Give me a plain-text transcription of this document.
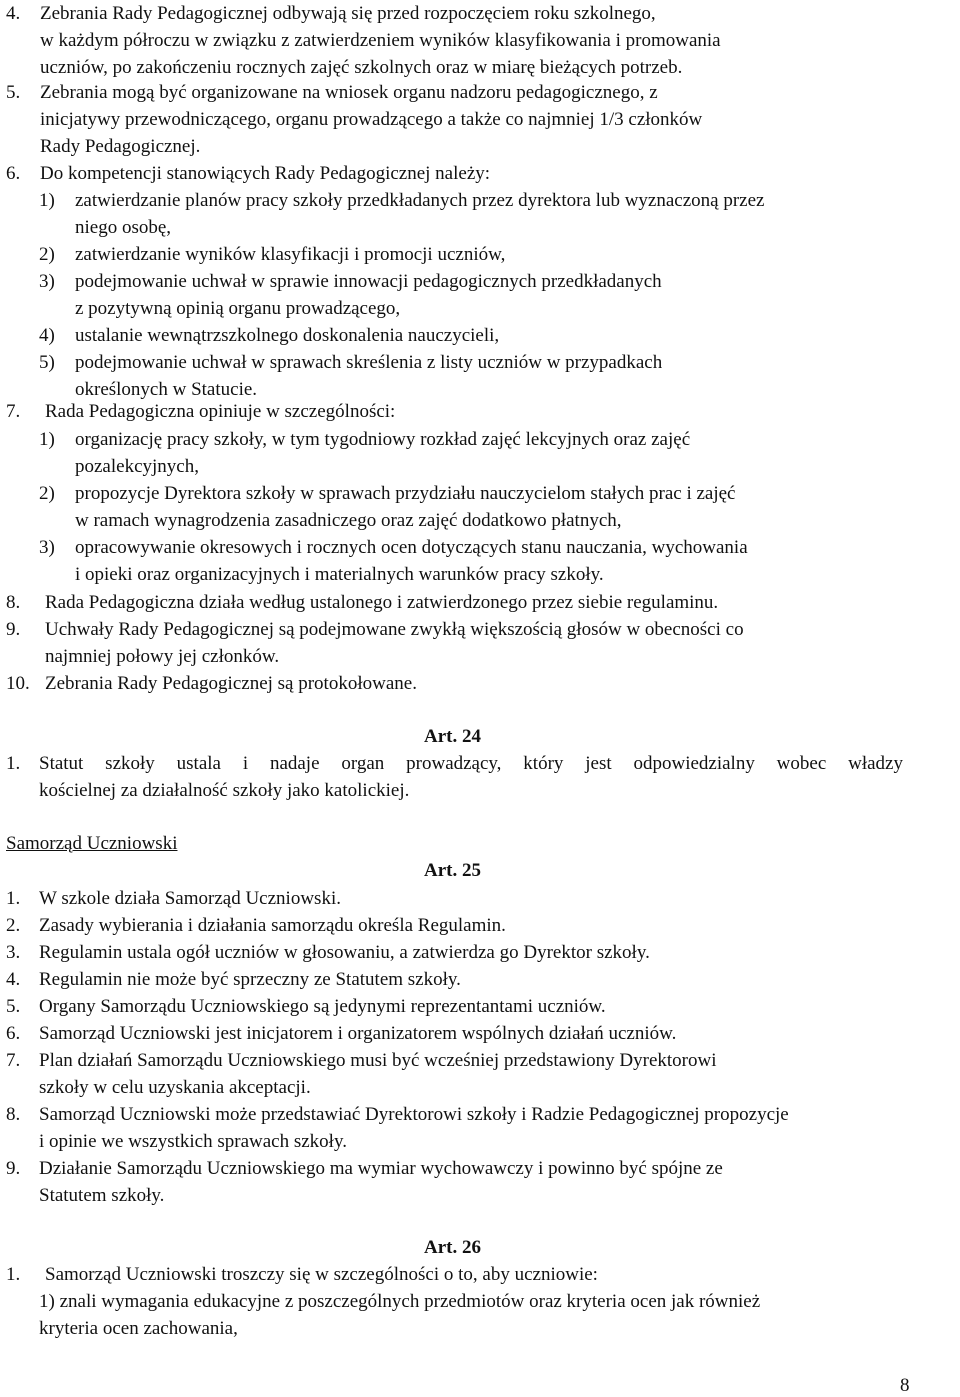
4. Zebrania Rady Pedagogicznej odbywają się przed rozpoczęciem roku szkolnego,
w każdym półroczu w związku z zatwierdzeniem wyników klasyfikowania i promowania
uczniów, po zakończeniu rocznych zajęć szkolnych oraz w miarę bieżących potrzeb.
5. Zebrania mogą być organizowane na wniosek organu nadzoru pedagogicznego, z
inicjatywy przewodniczącego, organu prowadzącego a także co najmniej 1/3 członków
Rady Pedagogicznej.
6. Do kompetencji stanowiących Rady Pedagogicznej należy:
1) zatwierdzanie planów pracy szkoły przedkładanych przez dyrektora lub wyznaczoną przez
niego osobę,
2) zatwierdzanie wyników klasyfikacji i promocji uczniów,
3) podejmowanie uchwał w sprawie innowacji pedagogicznych przedkładanych
z pozytywną opinią organu prowadzącego,
4) ustalanie wewnątrzszkolnego doskonalenia nauczycieli,
5) podejmowanie uchwał w sprawach skreślenia z listy uczniów w przypadkach
określonych w Statucie.
7. Rada Pedagogiczna opiniuje w szczególności:
1) organizację pracy szkoły, w tym tygodniowy rozkład zajęć lekcyjnych oraz zajęć
pozalekcyjnych,
2) propozycje Dyrektora szkoły w sprawach przydziału nauczycielom stałych prac i zajęć
w ramach wynagrodzenia zasadniczego oraz zajęć dodatkowo płatnych,
3) opracowywanie okresowych i rocznych ocen dotyczących stanu nauczania, wychowania
i opieki oraz organizacyjnych i materialnych warunków pracy szkoły.
8. Rada Pedagogiczna działa według ustalonego i zatwierdzonego przez siebie regulaminu.
9. Uchwały Rady Pedagogicznej są podejmowane zwykłą większością głosów w obecności co
najmniej połowy jej członków.
10. Zebrania Rady Pedagogicznej są protokołowane.
Art. 24
1. Statut szkoły ustala i nadaje organ prowadzący, który jest odpowiedzialny wobec władzy
kościelnej za działalność szkoły jako katolickiej.
Samorząd Uczniowski
Art. 25
1. W szkole działa Samorząd Uczniowski.
2. Zasady wybierania i działania samorządu określa Regulamin.
3. Regulamin ustala ogół uczniów w głosowaniu, a zatwierdza go Dyrektor szkoły.
4. Regulamin nie może być sprzeczny ze Statutem szkoły.
5. Organy Samorządu Uczniowskiego są jedynymi reprezentantami uczniów.
6. Samorząd Uczniowski jest inicjatorem i organizatorem wspólnych działań uczniów.
7. Plan działań Samorządu Uczniowskiego musi być wcześniej przedstawiony Dyrektorowi
szkoły w celu uzyskania akceptacji.
8. Samorząd Uczniowski może przedstawiać Dyrektorowi szkoły i Radzie Pedagogicznej propozycje
i opinie we wszystkich sprawach szkoły.
9. Działanie Samorządu Uczniowskiego ma wymiar wychowawczy i powinno być spójne ze
Statutem szkoły.
Art. 26
1. Samorząd Uczniowski troszczy się w szczególności o to, aby uczniowie:
1) znali wymagania edukacyjne z poszczególnych przedmiotów oraz kryteria ocen jak również
kryteria ocen zachowania,
8
